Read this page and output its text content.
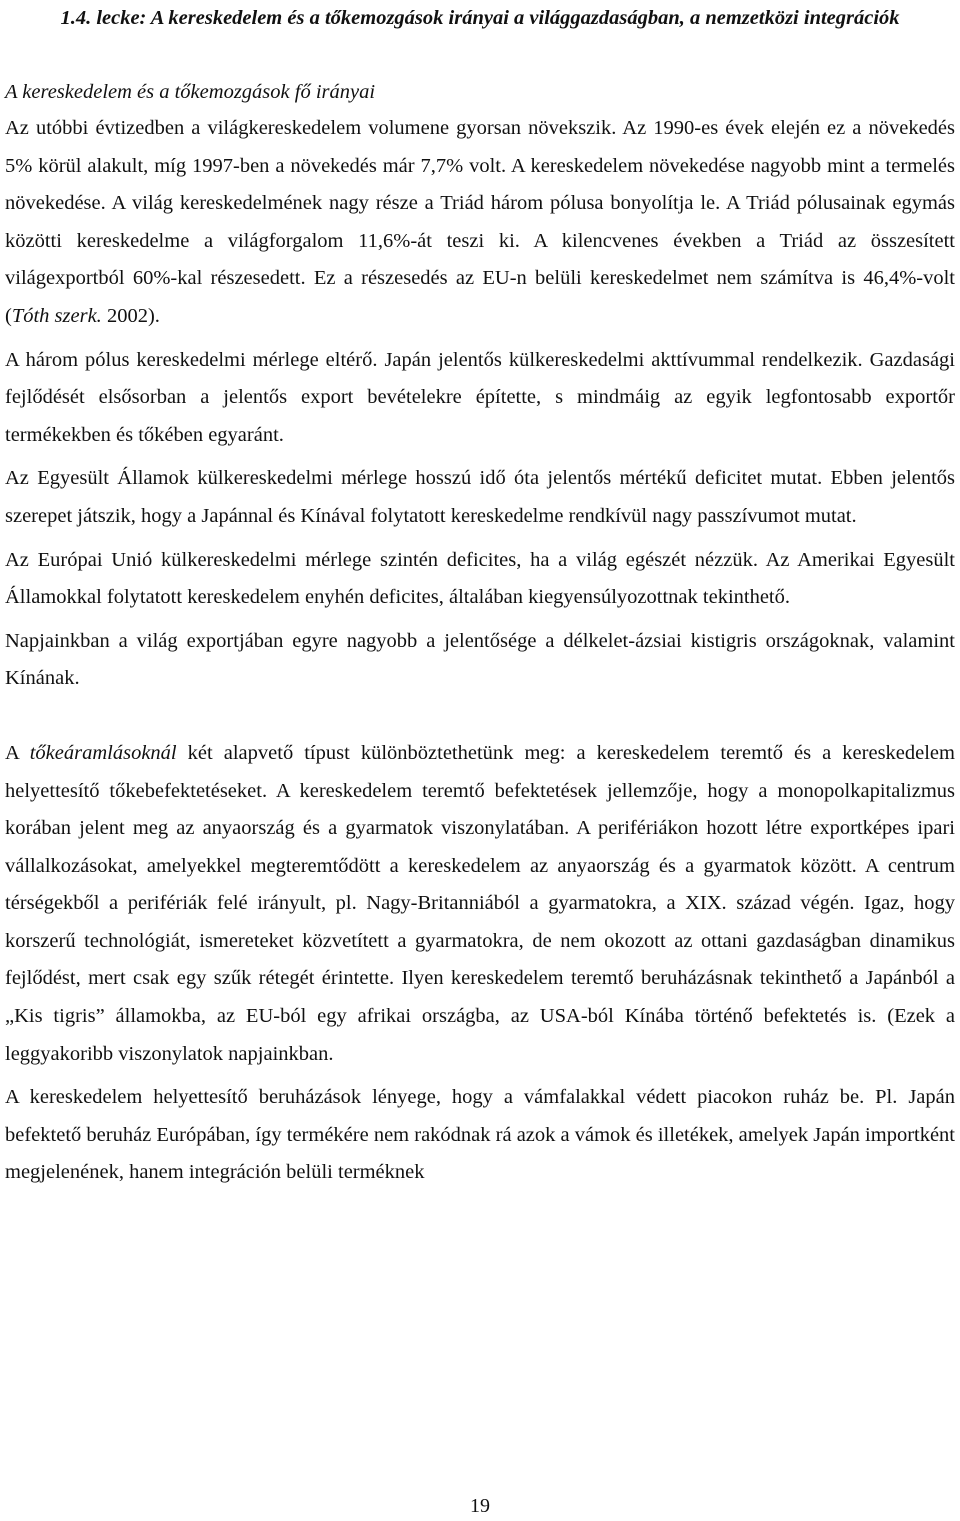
1.4. lecke: A kereskedelem és a tőkemozgások irányai a világgazdaságban, a nemzetközi integrációk
A kereskedelem és a tőkemozgások fő irányai

Az utóbbi évtizedben a világkereskedelem volumene gyorsan növekszik. Az 1990-es évek elején ez a növekedés 5% körül alakult, míg 1997-ben a növekedés már 7,7% volt. A kereskedelem növekedése nagyobb mint a termelés növekedése. A világ kereskedelmének nagy része a Triád három pólusa bonyolítja le. A Triád pólusainak egymás közötti kereskedelme a világforgalom 11,6%-át teszi ki. A kilencvenes években a Triád az összesített világexportból 60%-kal részesedett. Ez a részesedés az EU-n belüli kereskedelmet nem számítva is 46,4%-volt (Tóth szerk. 2002).

A három pólus kereskedelmi mérlege eltérő. Japán jelentős külkereskedelmi akttívummal rendelkezik. Gazdasági fejlődését elsősorban a jelentős export bevételekre építette, s mindmáig az egyik legfontosabb exportőr termékekben és tőkében egyaránt.

Az Egyesült Államok külkereskedelmi mérlege hosszú idő óta jelentős mértékű deficitet mutat. Ebben jelentős szerepet játszik, hogy a Japánnal és Kínával folytatott kereskedelme rendkívül nagy passzívumot mutat.

Az Európai Unió külkereskedelmi mérlege szintén deficites, ha a világ egészét nézzük. Az Amerikai Egyesült Államokkal folytatott kereskedelem enyhén deficites, általában kiegyensúlyozottnak tekinthető.

Napjainkban a világ exportjában egyre nagyobb a jelentősége a délkelet-ázsiai kistigris országoknak, valamint Kínának.

A tőkeáramlásoknál két alapvető típust különböztethetünk meg: a kereskedelem teremtő és a kereskedelem helyettesítő tőkebefektetéseket. A kereskedelem teremtő befektetések jellemzője, hogy a monopolkapitalizmus korában jelent meg az anyaország és a gyarmatok viszonylatában. A perifériákon hozott létre exportképes ipari vállalkozásokat, amelyekkel megteremtődött a kereskedelem az anyaország és a gyarmatok között. A centrum térségekből a perifériák felé irányult, pl. Nagy-Britanniából a gyarmatokra, a XIX. század végén. Igaz, hogy korszerű technológiát, ismereteket közvetített a gyarmatokra, de nem okozott az ottani gazdaságban dinamikus fejlődést, mert csak egy szűk rétegét érintette. Ilyen kereskedelem teremtő beruházásnak tekinthető a Japánból a „Kis tigris” államokba, az EU-ból egy afrikai országba, az USA-ból Kínába történő befektetés is. (Ezek a leggyakoribb viszonylatok napjainkban.

A kereskedelem helyettesítő beruházások lényege, hogy a vámfalakkal védett piacokon ruház be. Pl. Japán befektető beruház Európában, így termékére nem rakódnak rá azok a vámok és illetékek, amelyek Japán importként megjelenének, hanem integráción belüli terméknek

19
